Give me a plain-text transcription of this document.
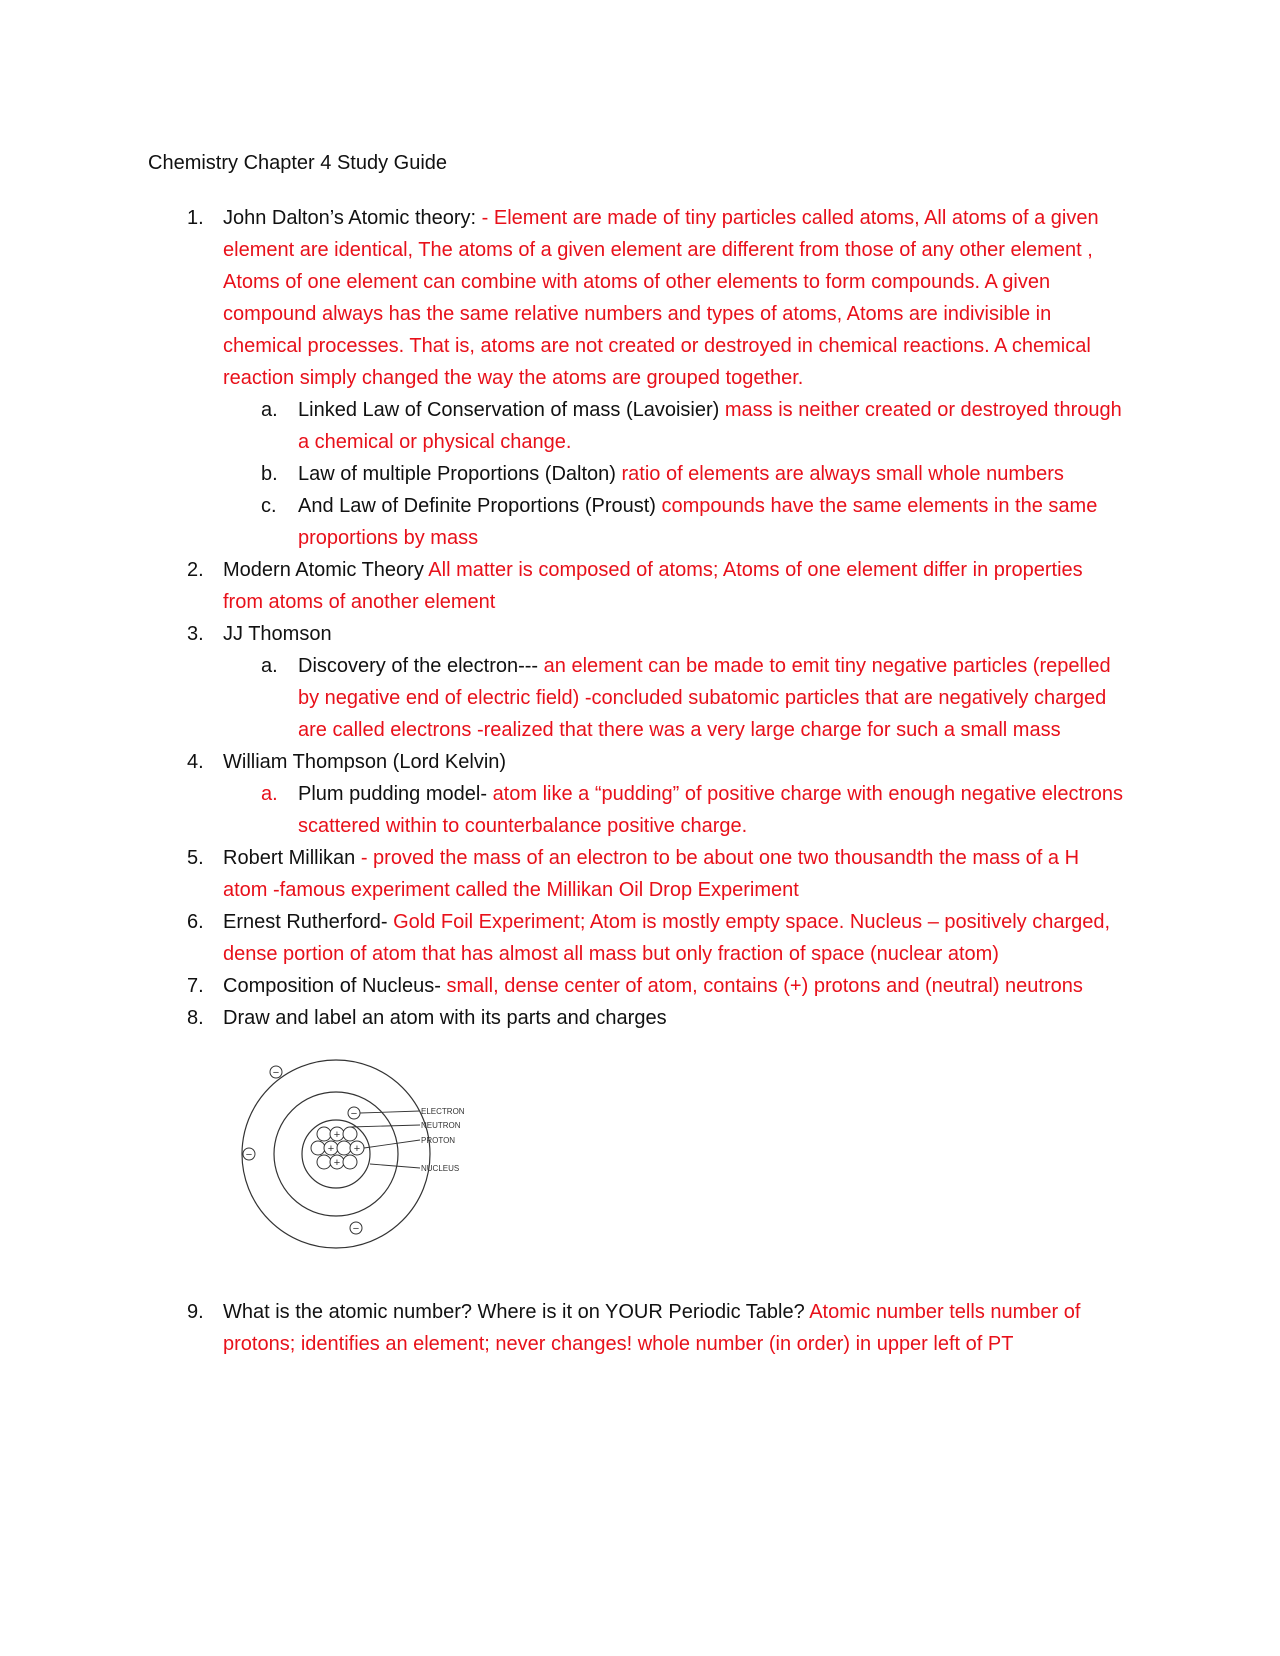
Chemistry Chapter 4 Study Guide
1. John Dalton’s Atomic theory: - Element are made of tiny particles called atoms, All atoms of a given element are identical, The atoms of a given element are different from those of any other element , Atoms of one element can combine with atoms of other elements to form compounds. A given compound always has the same relative numbers and types of atoms, Atoms are indivisible in chemical processes. That is, atoms are not created or destroyed in chemical reactions. A chemical reaction simply changed the way the atoms are grouped together.
a. Linked Law of Conservation of mass (Lavoisier) mass is neither created or destroyed through a chemical or physical change.
b. Law of multiple Proportions (Dalton) ratio of elements are always small whole numbers
c. And Law of Definite Proportions (Proust) compounds have the same elements in the same proportions by mass
2. Modern Atomic Theory All matter is composed of atoms; Atoms of one element differ in properties from atoms of another element
3. JJ Thomson
a. Discovery of the electron--- an element can be made to emit tiny negative particles (repelled by negative end of electric field) -concluded subatomic particles that are negatively charged are called electrons -realized that there was a very large charge for such a small mass
4. William Thompson (Lord Kelvin)
a. Plum pudding model- atom like a “pudding” of positive charge with enough negative electrons scattered within to counterbalance positive charge.
5. Robert Millikan - proved the mass of an electron to be about one two thousandth the mass of a H atom -famous experiment called the Millikan Oil Drop Experiment
6. Ernest Rutherford- Gold Foil Experiment; Atom is mostly empty space. Nucleus – positively charged, dense portion of atom that has almost all mass but only fraction of space (nuclear atom)
7. Composition of Nucleus- small, dense center of atom, contains (+) protons and (neutral) neutrons
8. Draw and label an atom with its parts and charges
−
−
−
−
+
+ +
+
ELECTRON
NEUTRON
PROTON
NUCLEUS
9. What is the atomic number? Where is it on YOUR Periodic Table? Atomic number tells number of protons; identifies an element; never changes! whole number (in order) in upper left of PT
